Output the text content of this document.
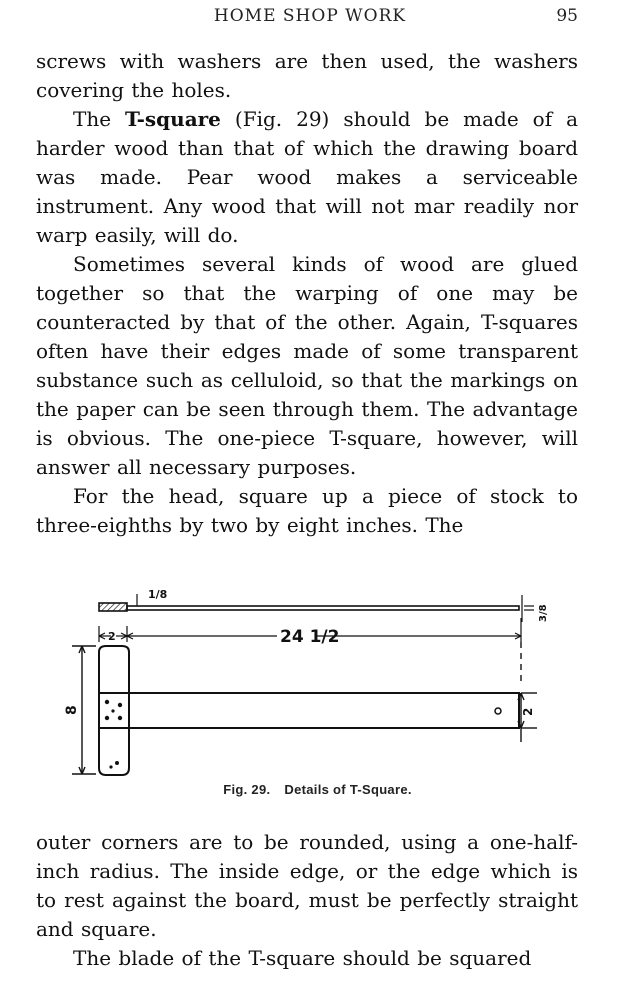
HOME SHOP WORK	95

screws with washers are then used, the washers covering the holes.

The T-square (Fig. 29) should be made of a harder wood than that of which the drawing board was made. Pear wood makes a serviceable instrument. Any wood that will not mar readily nor warp easily, will do.

Sometimes several kinds of wood are glued together so that the warping of one may be counteracted by that of the other. Again, T-squares often have their edges made of some transparent substance such as celluloid, so that the markings on the paper can be seen through them. The advantage is obvious. The one-piece T-square, however, will answer all necessary purposes.

For the head, square up a piece of stock to three-eighths by two by eight inches. The

1/8
2	24 1/2
8	2
3/8
Fig. 29. Details of T-Square.

outer corners are to be rounded, using a one-half-inch radius. The inside edge, or the edge which is to rest against the board, must be perfectly straight and square.

The blade of the T-square should be squared
